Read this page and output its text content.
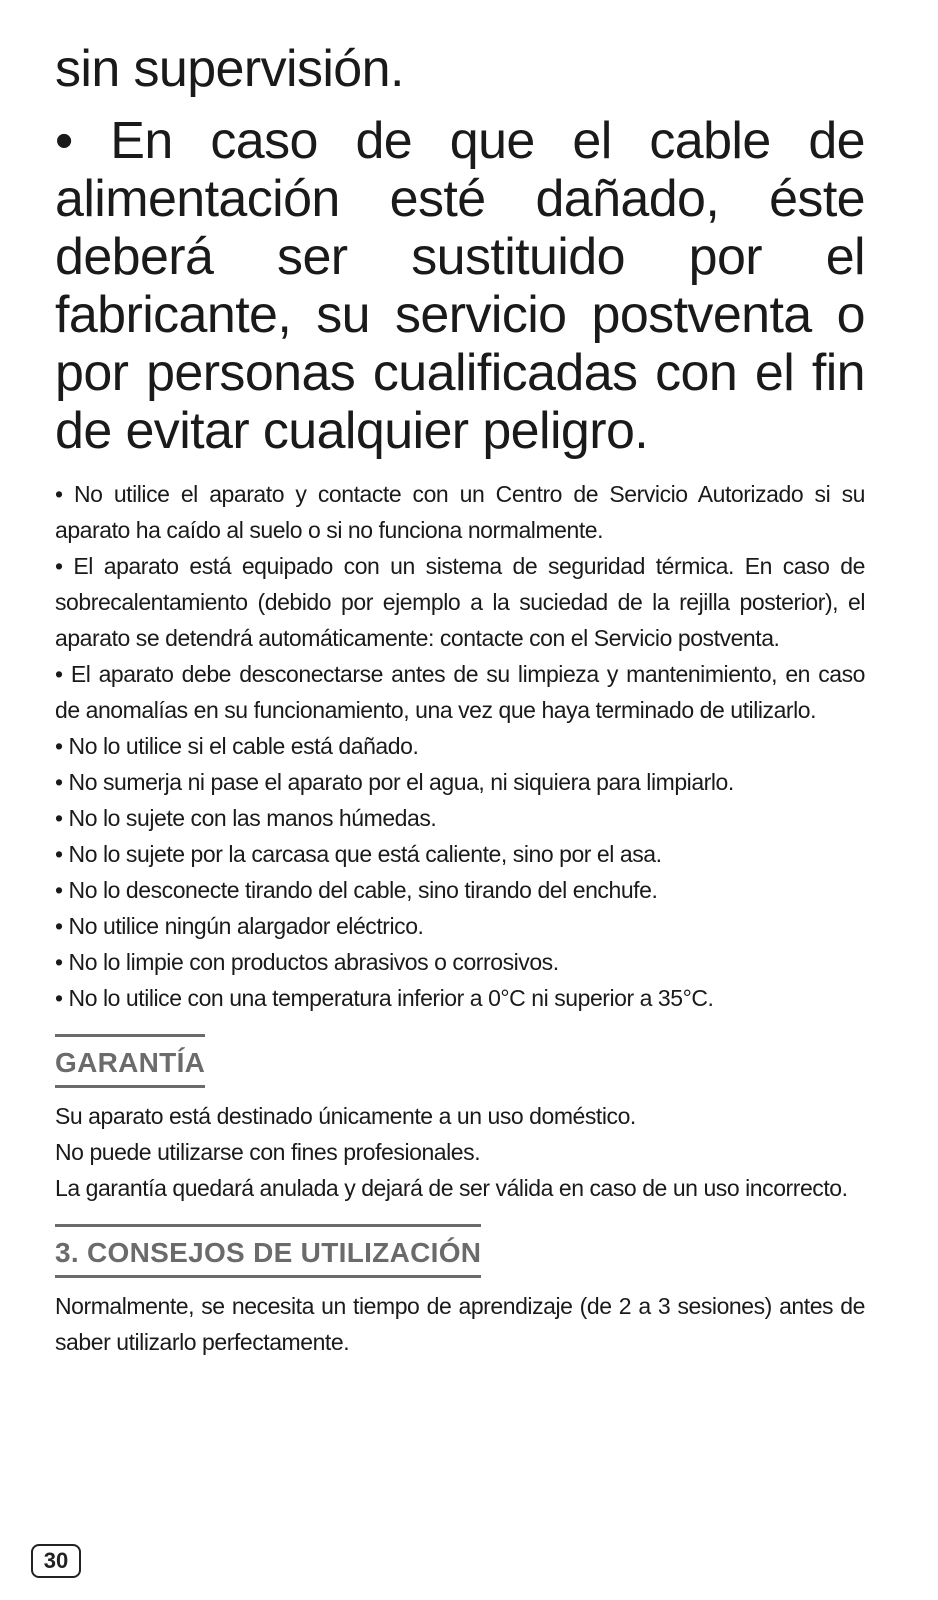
sin supervisión.

• En caso de que el cable de alimentación esté dañado, éste deberá ser sustituido por el fabricante, su servicio postventa o por personas cualificadas con el fin de evitar cualquier peligro.

• No utilice el aparato y contacte con un Centro de Servicio Autorizado si su aparato ha caído al suelo o si no funciona normalmente.
• El aparato está equipado con un sistema de seguridad térmica. En caso de sobrecalentamiento (debido por ejemplo a la suciedad de la rejilla posterior), el aparato se detendrá automáticamente: contacte con el Servicio postventa.
• El aparato debe desconectarse antes de su limpieza y mantenimiento, en caso de anomalías en su funcionamiento, una vez que haya terminado de utilizarlo.
• No lo utilice si el cable está dañado.
• No sumerja ni pase el aparato por el agua, ni siquiera para limpiarlo.
• No lo sujete con las manos húmedas.
• No lo sujete por la carcasa que está caliente, sino por el asa.
• No lo desconecte tirando del cable, sino tirando del enchufe.
• No utilice ningún alargador eléctrico.
• No lo limpie con productos abrasivos o corrosivos.
• No lo utilice con una temperatura inferior a 0°C ni superior a 35°C.
GARANTÍA

Su aparato está destinado únicamente a un uso doméstico.

No puede utilizarse con fines profesionales.

La garantía quedará anulada y dejará de ser válida en caso de un uso incorrecto.

3. CONSEJOS DE UTILIZACIÓN

Normalmente, se necesita un tiempo de aprendizaje (de 2 a 3 sesiones) antes de saber utilizarlo perfectamente.

30
